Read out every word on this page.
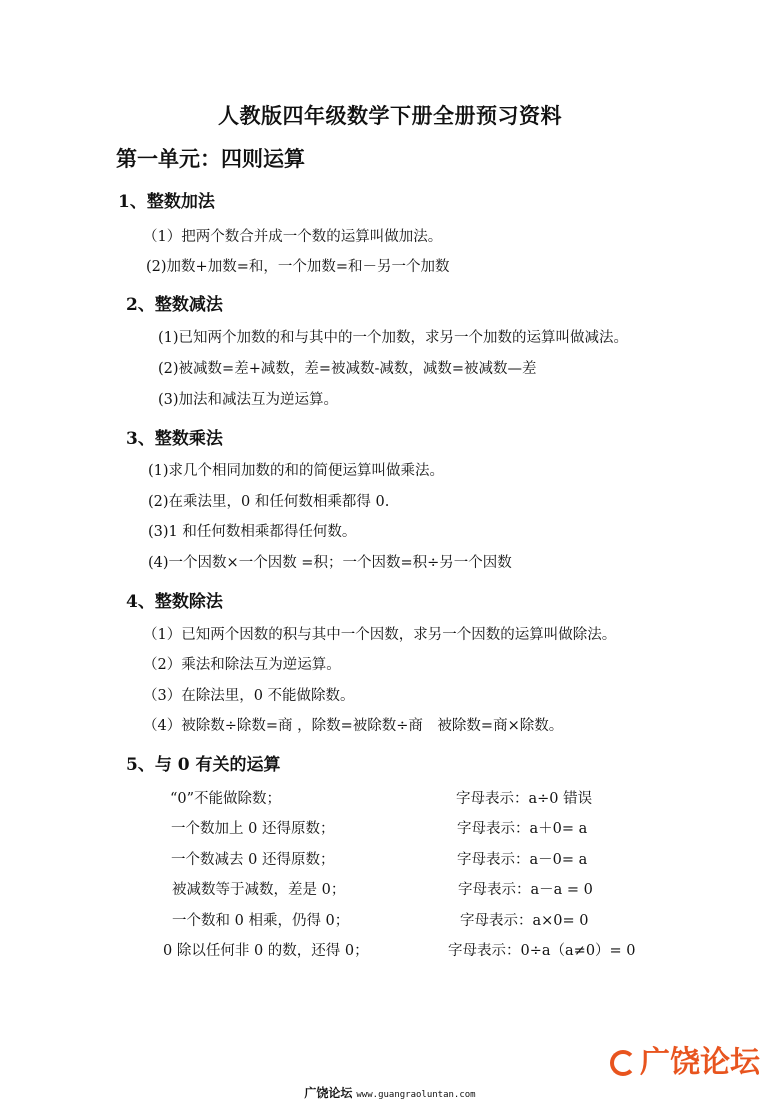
人教版四年级数学下册全册预习资料
第一单元：四则运算
1、整数加法
（1）把两个数合并成一个数的运算叫做加法。
(2)加数+加数=和，一个加数=和－另一个加数
2、整数减法
(1)已知两个加数的和与其中的一个加数，求另一个加数的运算叫做减法。
(2)被减数=差+减数，差=被减数-减数，减数=被减数—差
(3)加法和减法互为逆运算。
3、整数乘法
(1)求几个相同加数的和的简便运算叫做乘法。
(2)在乘法里，0 和任何数相乘都得 0.
(3)1 和任何数相乘都得任何数。
(4)一个因数×一个因数 =积；一个因数=积÷另一个因数
4、整数除法
（1）已知两个因数的积与其中一个因数，求另一个因数的运算叫做除法。
（2）乘法和除法互为逆运算。
（3）在除法里，0 不能做除数。
（4）被除数÷除数=商 ，除数=被除数÷商　被除数=商×除数。
5、与 0 有关的运算
“0”不能做除数；	字母表示：a÷0 错误
一个数加上 0 还得原数；	字母表示：a＋0= a
一个数减去 0 还得原数；	字母表示：a－0= a
被减数等于减数，差是 0；	字母表示：a－a = 0
一个数和 0 相乘，仍得 0；	字母表示：a×0= 0
0 除以任何非 0 的数，还得 0；	字母表示：0÷a（a≠0）= 0
广饶论坛
广饶论坛 www.guangraoluntan.com
